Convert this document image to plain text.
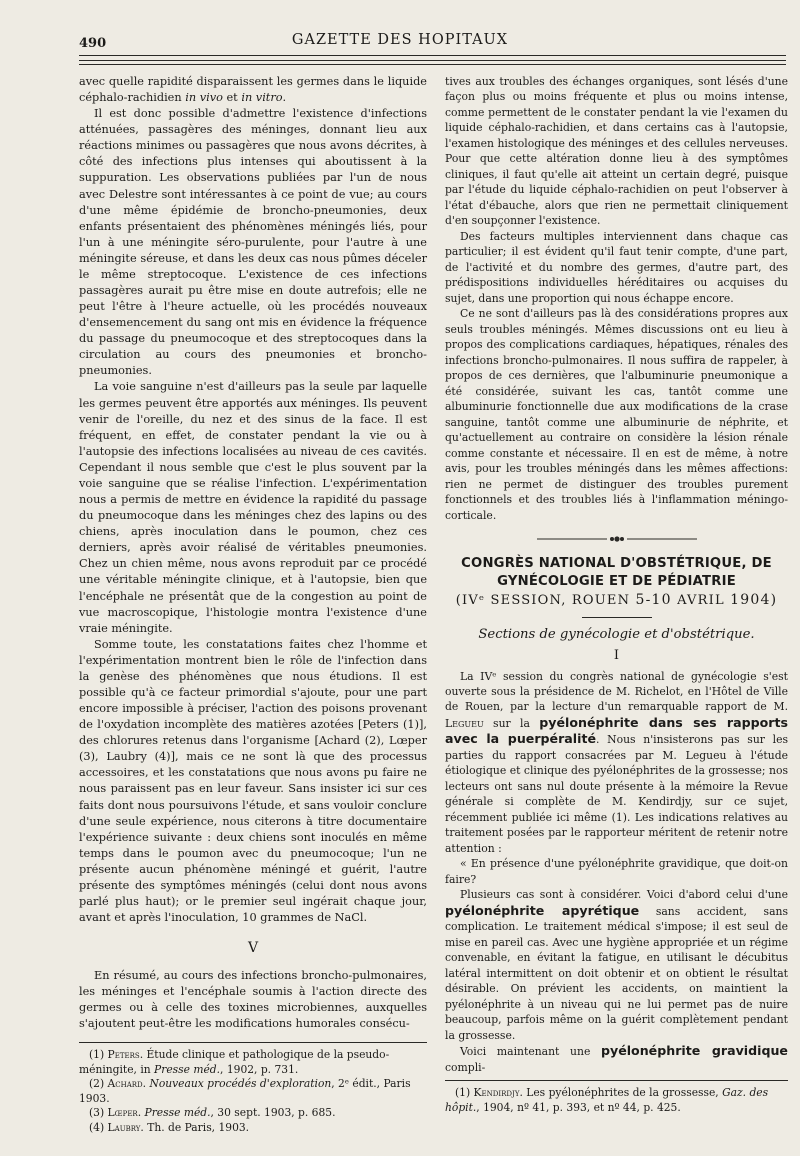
490	GAZETTE DES HOPITAUX

avec quelle rapidité disparaissent les germes dans le liquide céphalo-rachidien in vivo et in vitro.

Il est donc possible d'admettre l'existence d'infections atténuées, passagères des méninges, donnant lieu aux réactions minimes ou passagères que nous avons décrites, à côté des infections plus intenses qui aboutissent à la suppuration. Les observations publiées par l'un de nous avec Delestre sont intéressantes à ce point de vue; au cours d'une même épidémie de broncho-pneumonies, deux enfants présentaient des phénomènes méningés liés, pour l'un à une méningite séro-purulente, pour l'autre à une méningite séreuse, et dans les deux cas nous pûmes déceler le même streptocoque. L'existence de ces infections passagères aurait pu être mise en doute autrefois; elle ne peut l'être à l'heure actuelle, où les procédés nouveaux d'ensemencement du sang ont mis en évidence la fréquence du passage du pneumocoque et des streptocoques dans la circulation au cours des pneumonies et broncho-pneumonies.

La voie sanguine n'est d'ailleurs pas la seule par laquelle les germes peuvent être apportés aux méninges. Ils peuvent venir de l'oreille, du nez et des sinus de la face. Il est fréquent, en effet, de constater pendant la vie ou à l'autopsie des infections localisées au niveau de ces cavités. Cependant il nous semble que c'est le plus souvent par la voie sanguine que se réalise l'infection. L'expérimentation nous a permis de mettre en évidence la rapidité du passage du pneumocoque dans les méninges chez des lapins ou des chiens, après inoculation dans le poumon, chez ces derniers, après avoir réalisé de véritables pneumonies. Chez un chien même, nous avons reproduit par ce procédé une véritable méningite clinique, et à l'autopsie, bien que l'encéphale ne présentât que de la congestion au point de vue macroscopique, l'histologie montra l'existence d'une vraie méningite.

Somme toute, les constatations faites chez l'homme et l'expérimentation montrent bien le rôle de l'infection dans la genèse des phénomènes que nous étudions. Il est possible qu'à ce facteur primordial s'ajoute, pour une part encore impossible à préciser, l'action des poisons provenant de l'oxydation incomplète des matières azotées [Peters (1)], des chlorures retenus dans l'organisme [Achard (2), Lœper (3), Laubry (4)], mais ce ne sont là que des processus accessoires, et les constatations que nous avons pu faire ne nous paraissent pas en leur faveur. Sans insister ici sur ces faits dont nous poursuivons l'étude, et sans vouloir conclure d'une seule expérience, nous citerons à titre documentaire l'expérience suivante : deux chiens sont inoculés en même temps dans le poumon avec du pneumocoque; l'un ne présente aucun phénomène méningé et guérit, l'autre présente des symptômes méningés (celui dont nous avons parlé plus haut); or le premier seul ingérait chaque jour, avant et après l'inoculation, 10 grammes de NaCl.

V

En résumé, au cours des infections broncho-pulmonaires, les méninges et l'encéphale soumis à l'action directe des germes ou à celle des toxines microbiennes, auxquelles s'ajoutent peut-être les modifications humorales consécu-

(1) Peters. Étude clinique et pathologique de la pseudo-méningite, in Presse méd., 1902, p. 731.

(2) Achard. Nouveaux procédés d'exploration, 2ᵉ édit., Paris 1903.

(3) Lœper. Presse méd., 30 sept. 1903, p. 685.

(4) Laubry. Th. de Paris, 1903.

tives aux troubles des échanges organiques, sont lésés d'une façon plus ou moins fréquente et plus ou moins intense, comme permettent de le constater pendant la vie l'examen du liquide céphalo-rachidien, et dans certains cas à l'autopsie, l'examen histologique des méninges et des cellules nerveuses. Pour que cette altération donne lieu à des symptômes cliniques, il faut qu'elle ait atteint un certain degré, puisque par l'étude du liquide céphalo-rachidien on peut l'observer à l'état d'ébauche, alors que rien ne permettait cliniquement d'en soupçonner l'existence.

Des facteurs multiples interviennent dans chaque cas particulier; il est évident qu'il faut tenir compte, d'une part, de l'activité et du nombre des germes, d'autre part, des prédispositions individuelles héréditaires ou acquises du sujet, dans une proportion qui nous échappe encore.

Ce ne sont d'ailleurs pas là des considérations propres aux seuls troubles méningés. Mêmes discussions ont eu lieu à propos des complications cardiaques, hépatiques, rénales des infections broncho-pulmonaires. Il nous suffira de rappeler, à propos de ces dernières, que l'albuminurie pneumonique a été considérée, suivant les cas, tantôt comme une albuminurie fonctionnelle due aux modifications de la crase sanguine, tantôt comme une albuminurie de néphrite, et qu'actuellement au contraire on considère la lésion rénale comme constante et nécessaire. Il en est de même, à notre avis, pour les troubles méningés dans les mêmes affections: rien ne permet de distinguer des troubles purement fonctionnels et des troubles liés à l'inflammation méningo-corticale.

CONGRÈS NATIONAL D'OBSTÉTRIQUE, DE GYNÉCOLOGIE ET DE PÉDIATRIE
(IVᵉ SESSION, ROUEN 5-10 AVRIL 1904)
Sections de gynécologie et d'obstétrique.
I

La IVᵉ session du congrès national de gynécologie s'est ouverte sous la présidence de M. Richelot, en l'Hôtel de Ville de Rouen, par la lecture d'un remarquable rapport de M. Legueu sur la pyélonéphrite dans ses rapports avec la puerpéralité. Nous n'insisterons pas sur les parties du rapport consacrées par M. Legueu à l'étude étiologique et clinique des pyélonéphrites de la grossesse; nos lecteurs ont sans nul doute présente à la mémoire la Revue générale si complète de M. Kendirdjy, sur ce sujet, récemment publiée ici même (1). Les indications relatives au traitement posées par le rapporteur méritent de retenir notre attention :

« En présence d'une pyélonéphrite gravidique, que doit-on faire?

Plusieurs cas sont à considérer. Voici d'abord celui d'une pyélonéphrite apyrétique sans accident, sans complication. Le traitement médical s'impose; il est seul de mise en pareil cas. Avec une hygiène appropriée et un régime convenable, en évitant la fatigue, en utilisant le décubitus latéral intermittent on doit obtenir et on obtient le résultat désirable. On prévient les accidents, on maintient la pyélonéphrite à un niveau qui ne lui permet pas de nuire beaucoup, parfois même on la guérit complètement pendant la grossesse.

Voici maintenant une pyélonéphrite gravidique compli-

(1) Kendirdjy. Les pyélonéphrites de la grossesse, Gaz. des hôpit., 1904, nº 41, p. 393, et nº 44, p. 425.
